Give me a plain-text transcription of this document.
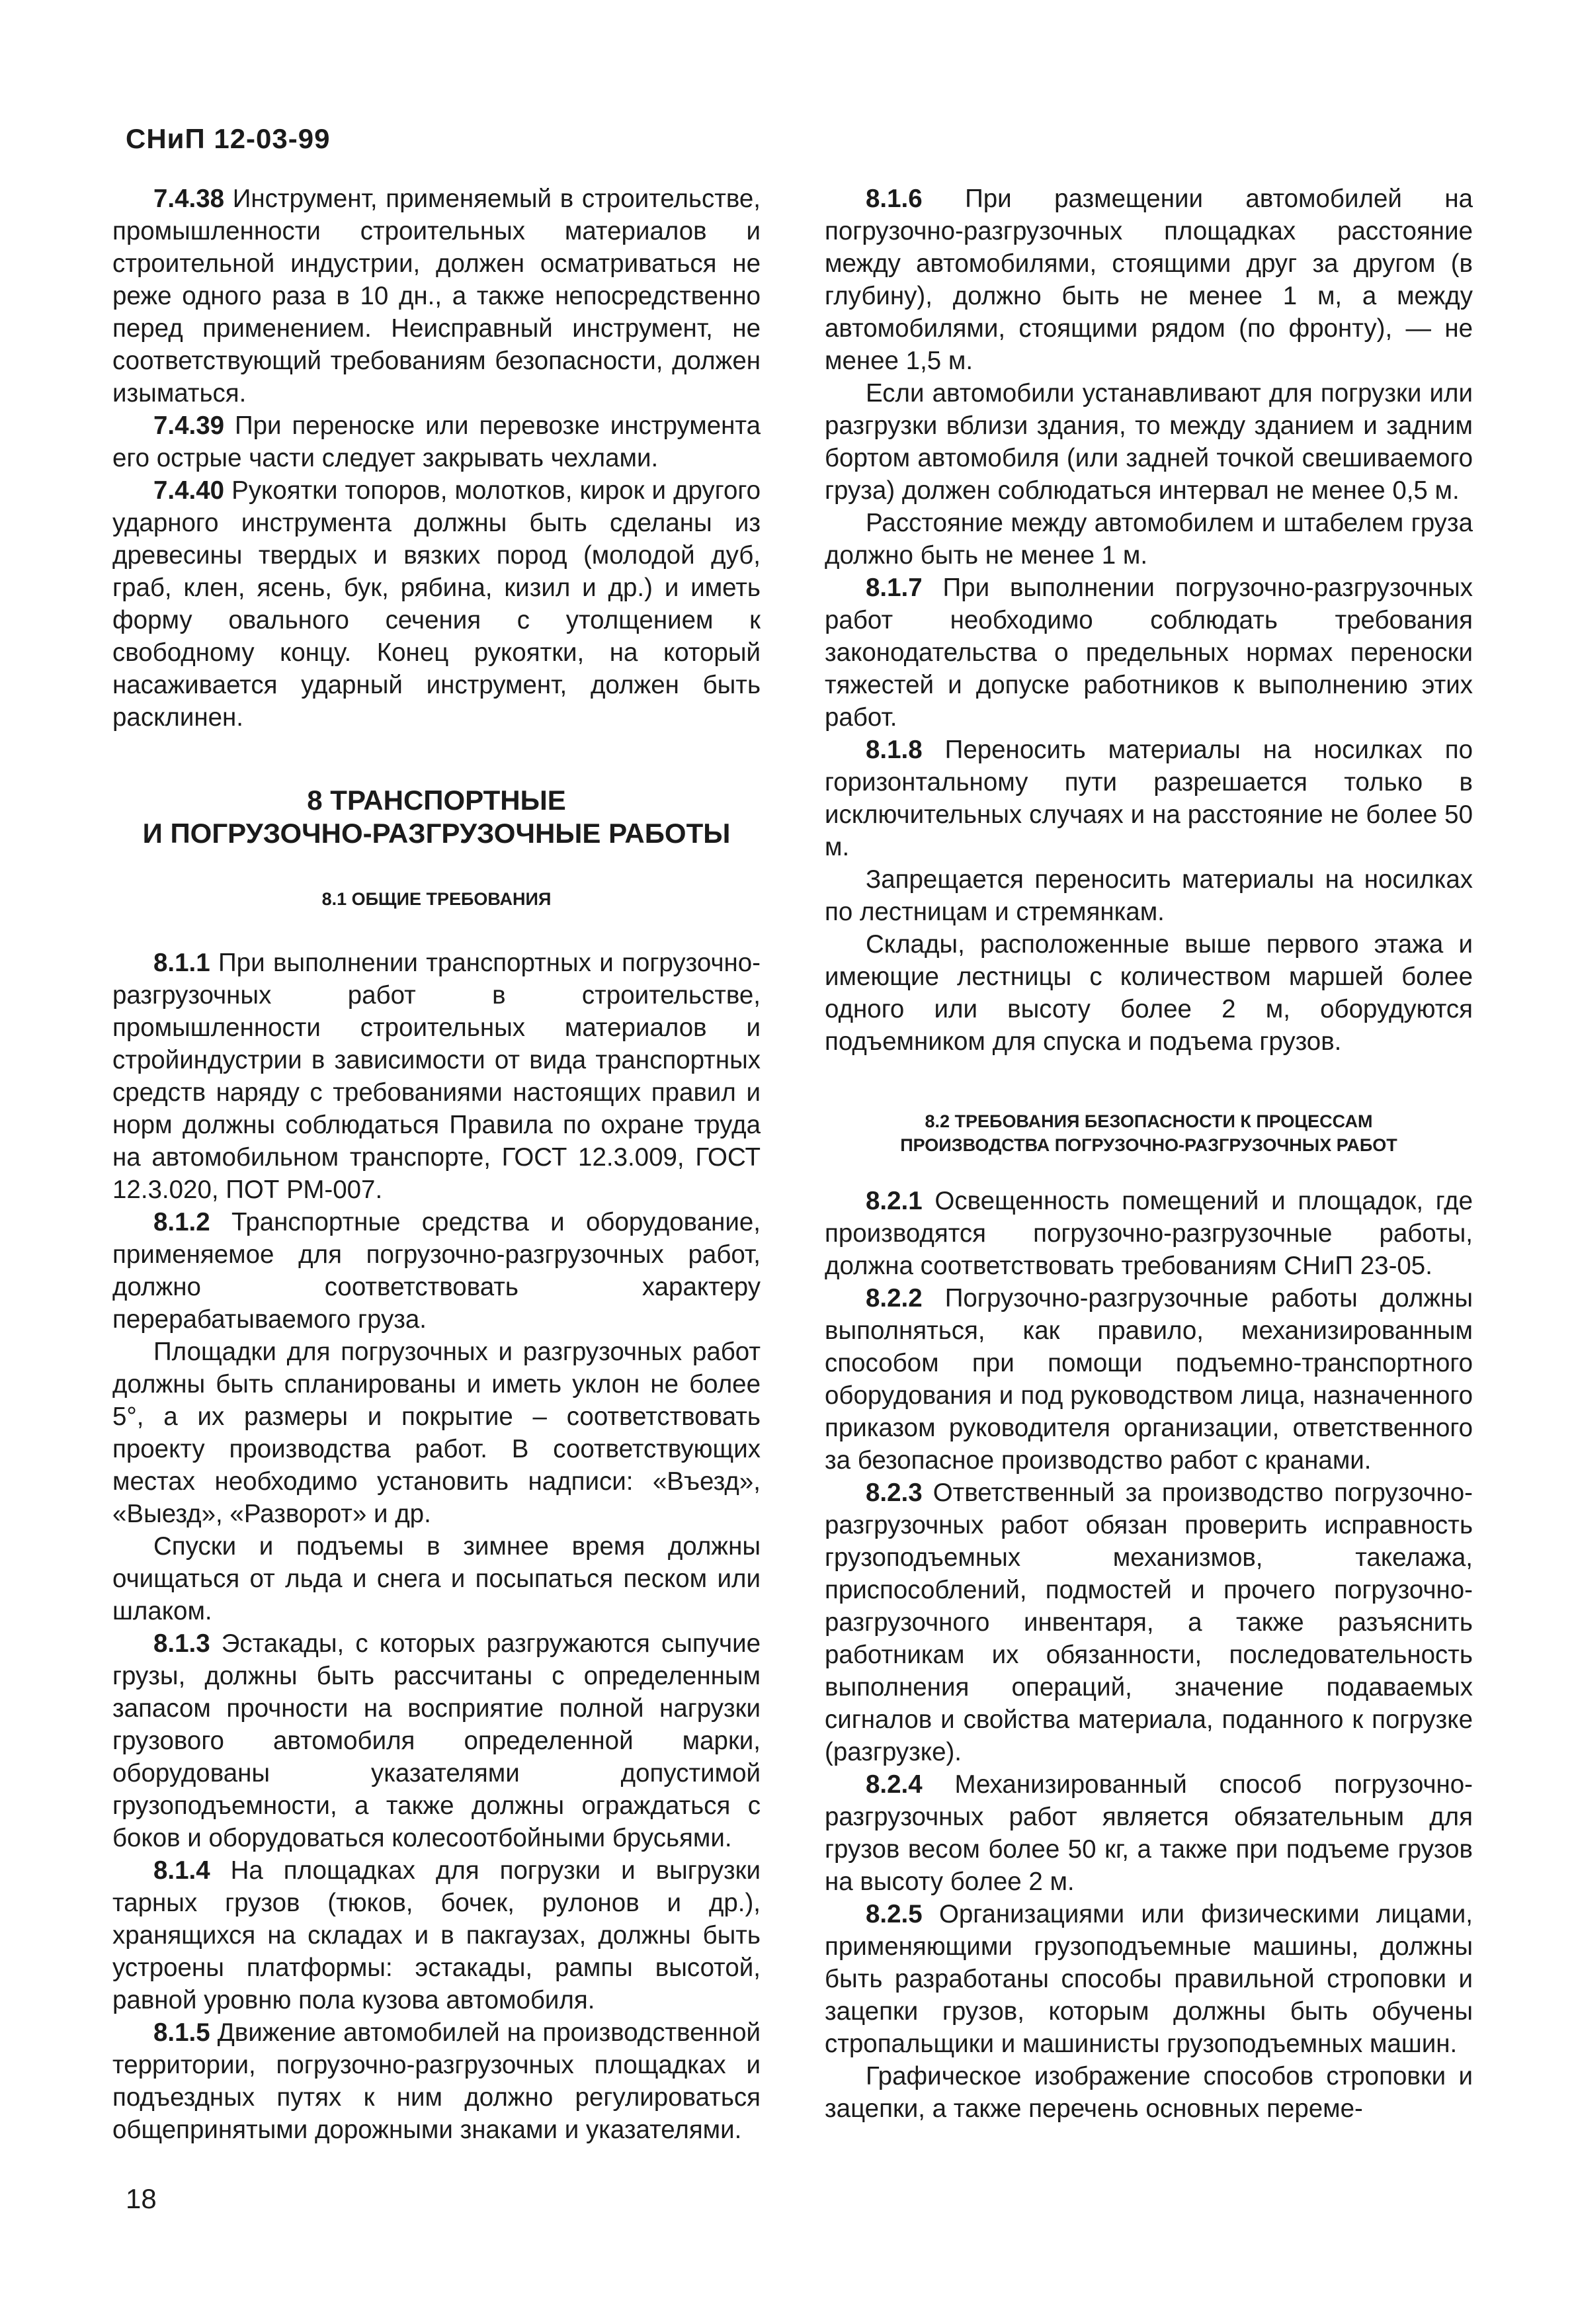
СНиП 12-03-99

7.4.38 Инструмент, применяемый в строительстве, промышленности строительных материалов и строительной индустрии, должен осматриваться не реже одного раза в 10 дн., а также непосредственно перед применением. Неисправный инструмент, не соответствующий требованиям безопасности, должен изыматься.

7.4.39 При переноске или перевозке инструмента его острые части следует закрывать чехлами.

7.4.40 Рукоятки топоров, молотков, кирок и другого ударного инструмента должны быть сделаны из древесины твердых и вязких пород (молодой дуб, граб, клен, ясень, бук, рябина, кизил и др.) и иметь форму овального сечения с утолщением к свободному концу. Конец рукоятки, на который насаживается ударный инструмент, должен быть расклинен.

8 ТРАНСПОРТНЫЕ
И ПОГРУЗОЧНО-РАЗГРУЗОЧНЫЕ РАБОТЫ
8.1 ОБЩИЕ ТРЕБОВАНИЯ

8.1.1 При выполнении транспортных и погрузочно-разгрузочных работ в строительстве, промышленности строительных материалов и стройиндустрии в зависимости от вида транспортных средств наряду с требованиями настоящих правил и норм должны соблюдаться Правила по охране труда на автомобильном транспорте, ГОСТ 12.3.009, ГОСТ 12.3.020, ПОТ РМ-007.

8.1.2 Транспортные средства и оборудование, применяемое для погрузочно-разгрузочных работ, должно соответствовать характеру перерабатываемого груза.

Площадки для погрузочных и разгрузочных работ должны быть спланированы и иметь уклон не более 5°, а их размеры и покрытие – соответствовать проекту производства работ. В соответствующих местах необходимо установить надписи: «Въезд», «Выезд», «Разворот» и др.

Спуски и подъемы в зимнее время должны очищаться от льда и снега и посыпаться песком или шлаком.

8.1.3 Эстакады, с которых разгружаются сыпучие грузы, должны быть рассчитаны с определенным запасом прочности на восприятие полной нагрузки грузового автомобиля определенной марки, оборудованы указателями допустимой грузоподъемности, а также должны ограждаться с боков и оборудоваться колесоотбойными брусьями.

8.1.4 На площадках для погрузки и выгрузки тарных грузов (тюков, бочек, рулонов и др.), хранящихся на складах и в пакгаузах, должны быть устроены платформы: эстакады, рампы высотой, равной уровню пола кузова автомобиля.

8.1.5 Движение автомобилей на производственной территории, погрузочно-разгрузочных площадках и подъездных путях к ним должно регулироваться общепринятыми дорожными знаками и указателями.

8.1.6 При размещении автомобилей на погрузочно-разгрузочных площадках расстояние между автомобилями, стоящими друг за другом (в глубину), должно быть не менее 1 м, а между автомобилями, стоящими рядом (по фронту), — не менее 1,5 м.

Если автомобили устанавливают для погрузки или разгрузки вблизи здания, то между зданием и задним бортом автомобиля (или задней точкой свешиваемого груза) должен соблюдаться интервал не менее 0,5 м.

Расстояние между автомобилем и штабелем груза должно быть не менее 1 м.

8.1.7 При выполнении погрузочно-разгрузочных работ необходимо соблюдать требования законодательства о предельных нормах переноски тяжестей и допуске работников к выполнению этих работ.

8.1.8 Переносить материалы на носилках по горизонтальному пути разрешается только в исключительных случаях и на расстояние не более 50 м.

Запрещается переносить материалы на носилках по лестницам и стремянкам.

Склады, расположенные выше первого этажа и имеющие лестницы с количеством маршей более одного или высоту более 2 м, оборудуются подъемником для спуска и подъема грузов.

8.2 ТРЕБОВАНИЯ БЕЗОПАСНОСТИ К ПРОЦЕССАМ
ПРОИЗВОДСТВА ПОГРУЗОЧНО-РАЗГРУЗОЧНЫХ РАБОТ

8.2.1 Освещенность помещений и площадок, где производятся погрузочно-разгрузочные работы, должна соответствовать требованиям СНиП 23-05.

8.2.2 Погрузочно-разгрузочные работы должны выполняться, как правило, механизированным способом при помощи подъемно-транспортного оборудования и под руководством лица, назначенного приказом руководителя организации, ответственного за безопасное производство работ с кранами.

8.2.3 Ответственный за производство погрузочно-разгрузочных работ обязан проверить исправность грузоподъемных механизмов, такелажа, приспособлений, подмостей и прочего погрузочно-разгрузочного инвентаря, а также разъяснить работникам их обязанности, последовательность выполнения операций, значение подаваемых сигналов и свойства материала, поданного к погрузке (разгрузке).

8.2.4 Механизированный способ погрузочно-разгрузочных работ является обязательным для грузов весом более 50 кг, а также при подъеме грузов на высоту более 2 м.

8.2.5 Организациями или физическими лицами, применяющими грузоподъемные машины, должны быть разработаны способы правильной строповки и зацепки грузов, которым должны быть обучены стропальщики и машинисты грузоподъемных машин.

Графическое изображение способов строповки и зацепки, а также перечень основных переме-

18
